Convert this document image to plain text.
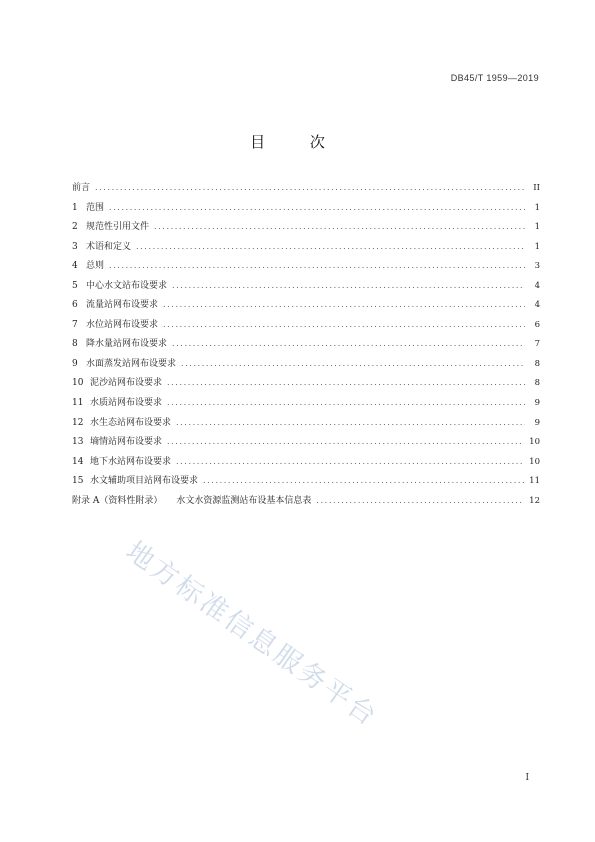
DB45/T 1959—2019
目 次
前言 .....	II
1 范围 .....	1
2 规范性引用文件 .....	1
3 术语和定义 .....	1
4 总则 .....	3
5 中心水文站布设要求 .....	4
6 流量站网布设要求 .....	4
7 水位站网布设要求 .....	6
8 降水量站网布设要求 .....	7
9 水面蒸发站网布设要求 .....	8
10 泥沙站网布设要求 .....	8
11 水质站网布设要求 .....	9
12 水生态站网布设要求 .....	9
13 墒情站网布设要求 .....	10
14 地下水站网布设要求 .....	10
15 水文辅助项目站网布设要求 .....	11
附录 A（资料性附录） 水文水资源监测站布设基本信息表 .....	12
地方标准信息服务平台
I
